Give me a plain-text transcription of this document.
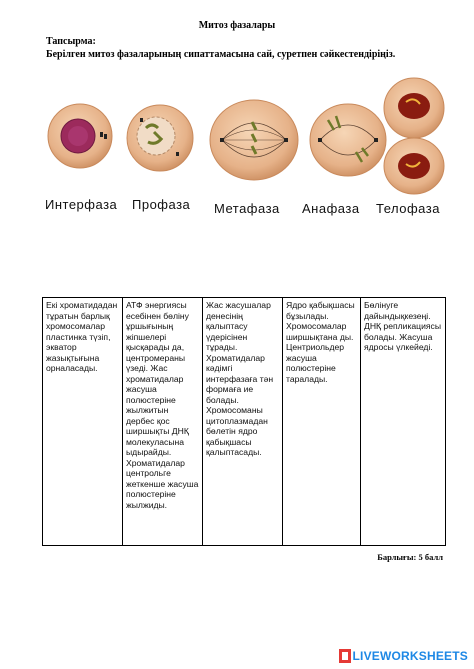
Митоз фазалары
Тапсырма:
Берілген митоз фазаларының сипаттамасына сай, суретпен сәйкестендіріңіз.
Интерфаза Профаза Метафаза Анафаза Телофаза
Екі хроматидадан тұратын барлық хромосомалар пластинка түзіп, экватор жазықтығына орналасады.	АТФ энергиясы есебінен бөліну ұршығының жіпшелері қысқарады да, центромераны үзеді. Жас хроматидалар жасуша полюстеріне жылжитын дербес қос ширшықты ДНҚ молекуласына ыдырайды. Хроматидалар центрольге жеткенше жасуша полюстеріне жылжиды.	Жас жасушалар денесінің қалыптасу үдерісінен тұрады. Хроматидалар кәдімгі интерфазаға тән формаға ие болады. Хромосоманы цитоплазмадан бөлетін ядро қабықшасы қалыптасады.	Ядро қабықшасы бұзылады. Хромосомалар ширшықтана ды. Центриольдер жасуша полюстеріне таралады.	Бөлінуге дайындықкезеңі. ДНҚ репликациясы болады. Жасуша ядросы үлкейеді.
Барлығы: 5 балл
LIVEWORKSHEETS
